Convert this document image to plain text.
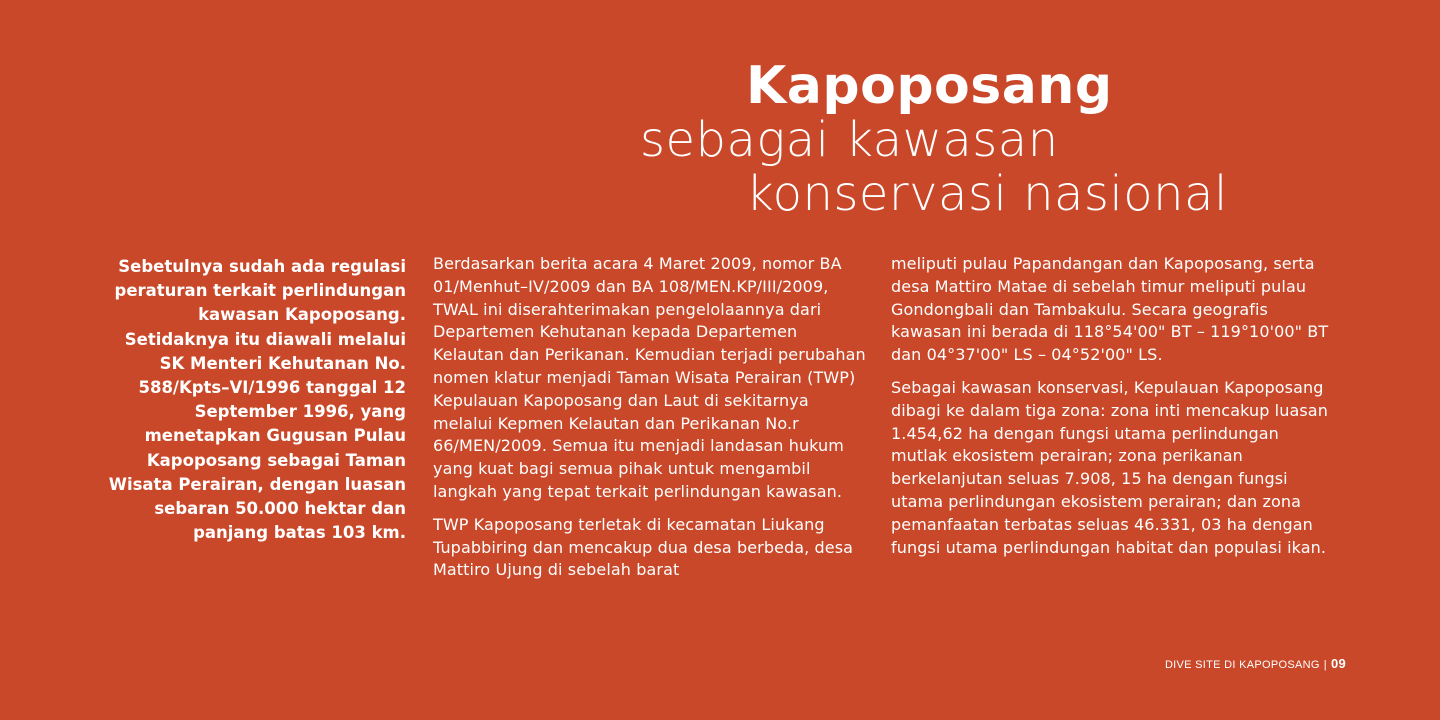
Kapoposang
sebagai kawasan
konservasi nasional
Sebetulnya sudah ada regulasi peraturan terkait perlindungan kawasan Kapoposang. Setidaknya itu diawali melalui SK Menteri Kehutanan No. 588/Kpts–VI/1996 tanggal 12 September 1996, yang menetapkan Gugusan Pulau Kapoposang sebagai Taman Wisata Perairan, dengan luasan sebaran 50.000 hektar dan panjang batas 103 km.

Berdasarkan berita acara 4 Maret 2009, nomor BA 01/Menhut–IV/2009 dan BA 108/MEN.KP/III/2009, TWAL ini diserahterimakan pengelolaannya dari Departemen Kehutanan kepada Departemen Kelautan dan Perikanan. Kemudian terjadi perubahan nomen klatur menjadi Taman Wisata Perairan (TWP) Kepulauan Kapoposang dan Laut di sekitarnya melalui Kepmen Kelautan dan Perikanan No.r 66/MEN/2009. Semua itu menjadi landasan hukum yang kuat bagi semua pihak untuk mengambil langkah yang tepat terkait perlindungan kawasan.

TWP Kapoposang terletak di kecamatan Liukang Tupabbiring dan mencakup dua desa berbeda, desa Mattiro Ujung di sebelah barat

meliputi pulau Papandangan dan Kapoposang, serta desa Mattiro Matae di sebelah timur meliputi pulau Gondongbali dan Tambakulu. Secara geografis kawasan ini berada di 118°54'00" BT – 119°10'00" BT dan 04°37'00" LS – 04°52'00" LS.

Sebagai kawasan konservasi, Kepulauan Kapoposang dibagi ke dalam tiga zona: zona inti mencakup luasan 1.454,62 ha dengan fungsi utama perlindungan mutlak ekosistem perairan; zona perikanan berkelanjutan seluas 7.908, 15 ha dengan fungsi utama perlindungan ekosistem perairan; dan zona pemanfaatan terbatas seluas 46.331, 03 ha dengan fungsi utama perlindungan habitat dan populasi ikan.

DIVE SITE DI KAPOPOSANG | 09
